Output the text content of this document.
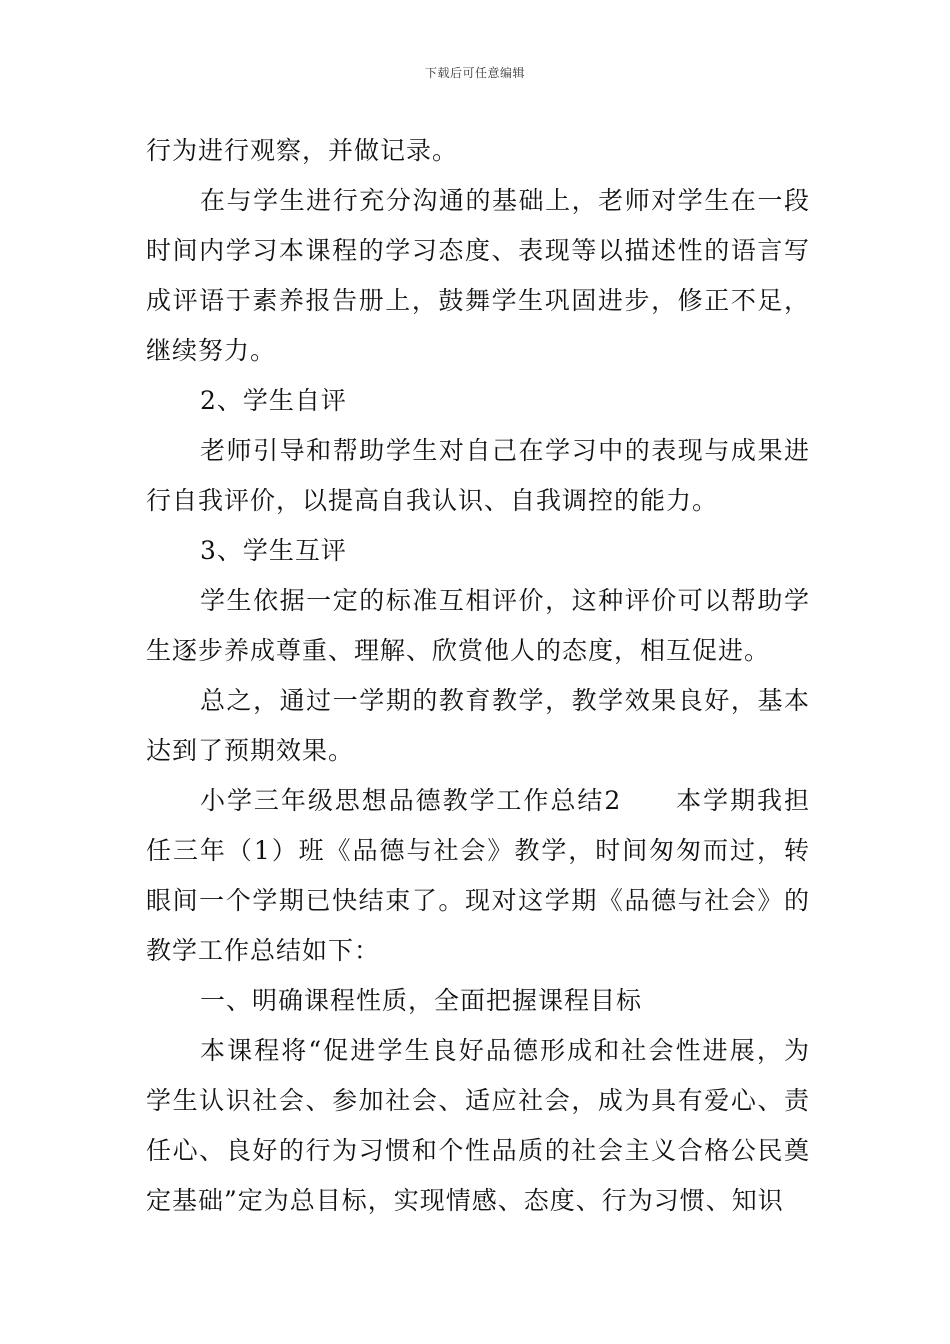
下载后可任意编辑

行为进行观察，并做记录。

在与学生进行充分沟通的基础上，老师对学生在一段时间内学习本课程的学习态度、表现等以描述性的语言写成评语于素养报告册上，鼓舞学生巩固进步，修正不足，继续努力。

2、学生自评

老师引导和帮助学生对自己在学习中的表现与成果进行自我评价，以提高自我认识、自我调控的能力。

3、学生互评

学生依据一定的标准互相评价，这种评价可以帮助学生逐步养成尊重、理解、欣赏他人的态度，相互促进。

总之，通过一学期的教育教学，教学效果良好，基本达到了预期效果。

小学三年级思想品德教学工作总结2　　本学期我担任三年（1）班《品德与社会》教学，时间匆匆而过，转眼间一个学期已快结束了。现对这学期《品德与社会》的教学工作总结如下：

一、明确课程性质，全面把握课程目标

本课程将“促进学生良好品德形成和社会性进展，为学生认识社会、参加社会、适应社会，成为具有爱心、责任心、良好的行为习惯和个性品质的社会主义合格公民奠定基础”定为总目标，实现情感、态度、行为习惯、知识
